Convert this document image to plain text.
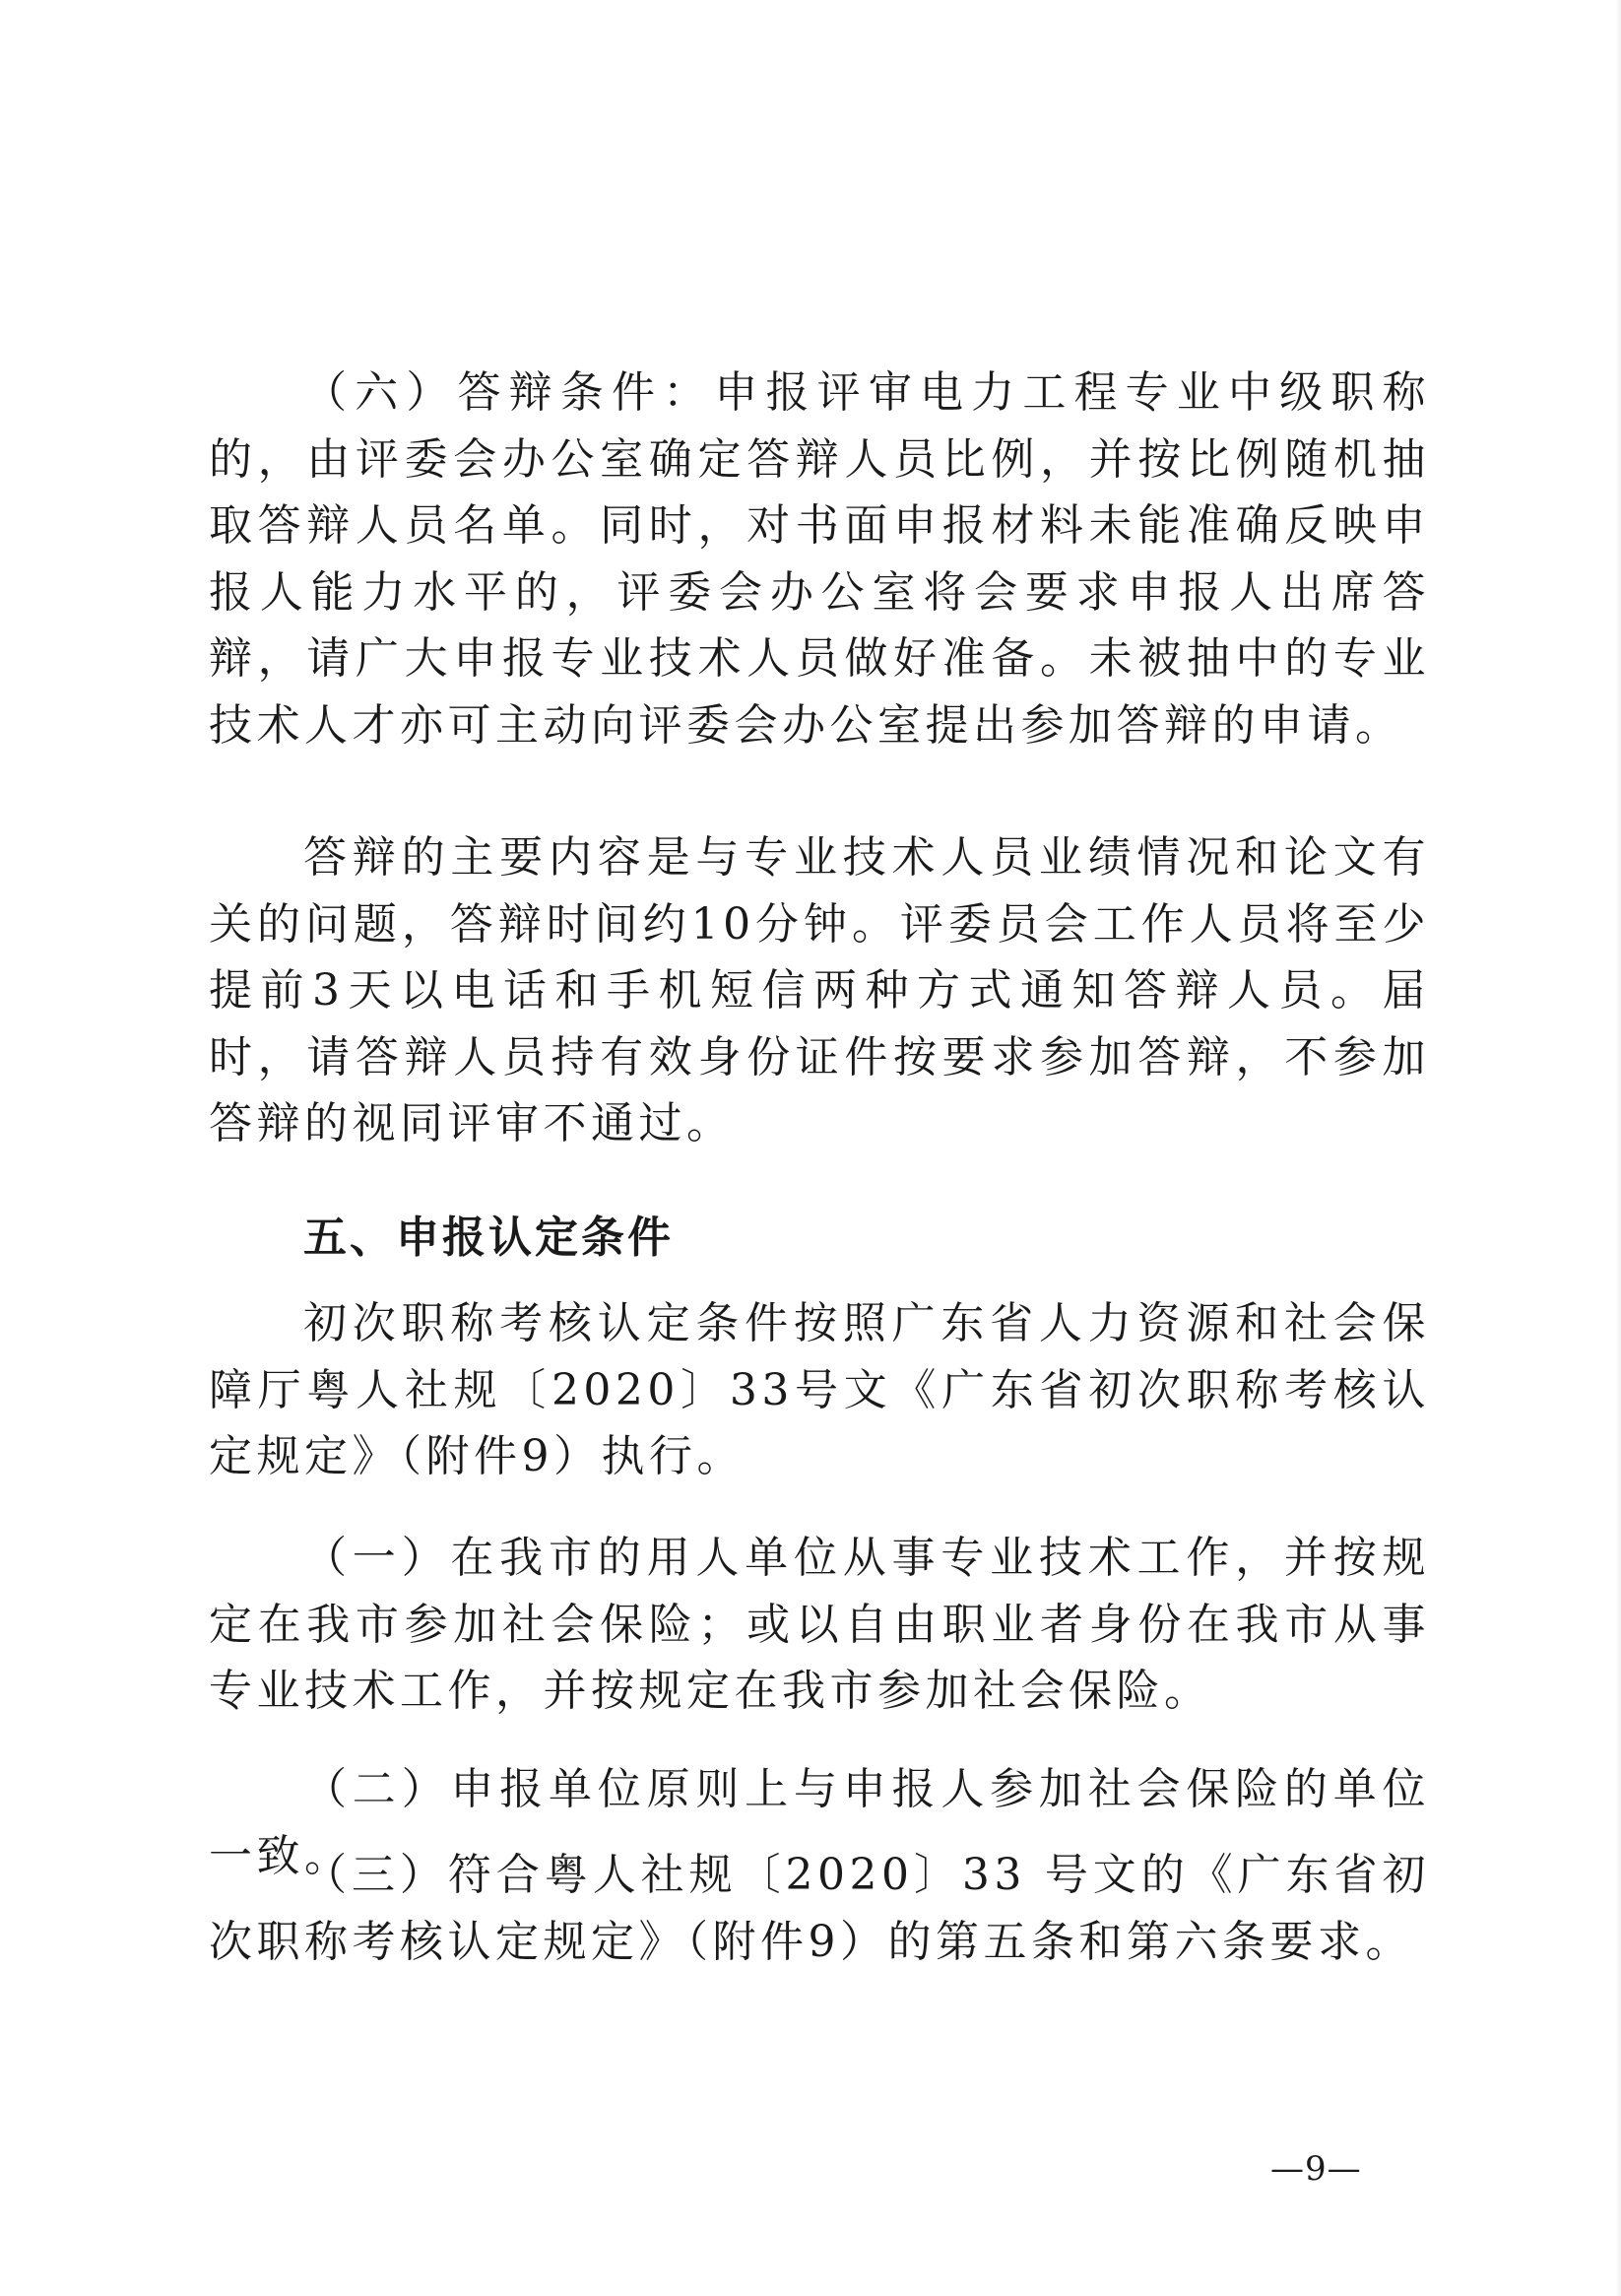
（六）答辩条件：申报评审电力工程专业中级职称的，由评委会办公室确定答辩人员比例，并按比例随机抽取答辩人员名单。同时，对书面申报材料未能准确反映申报人能力水平的，评委会办公室将会要求申报人出席答辩，请广大申报专业技术人员做好准备。未被抽中的专业技术人才亦可主动向评委会办公室提出参加答辩的申请。

答辩的主要内容是与专业技术人员业绩情况和论文有关的问题，答辩时间约10分钟。评委员会工作人员将至少提前3天以电话和手机短信两种方式通知答辩人员。届时，请答辩人员持有效身份证件按要求参加答辩，不参加答辩的视同评审不通过。

五、申报认定条件

初次职称考核认定条件按照广东省人力资源和社会保障厅粤人社规〔2020〕33号文《广东省初次职称考核认定规定》（附件9）执行。

（一）在我市的用人单位从事专业技术工作，并按规定在我市参加社会保险；或以自由职业者身份在我市从事专业技术工作，并按规定在我市参加社会保险。

（二）申报单位原则上与申报人参加社会保险的单位一致。

（三）符合粤人社规〔2020〕33 号文的《广东省初次职称考核认定规定》（附件9）的第五条和第六条要求。

—9—
